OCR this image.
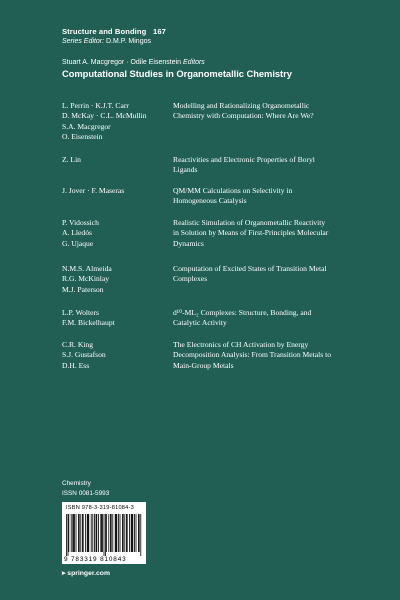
Structure and Bonding 167
Series Editor: D.M.P. Mingos
Stuart A. Macgregor · Odile Eisenstein Editors
Computational Studies in Organometallic Chemistry
L. Perrin · K.J.T. Carr
D. McKay · C.L. McMullin
S.A. Macgregor
O. Eisenstein
Modelling and Rationalizing Organometallic
Chemistry with Computation: Where Are We?
Z. Lin	Reactivities and Electronic Properties of Boryl
Ligands
J. Jover · F. Maseras	QM/MM Calculations on Selectivity in
Homogeneous Catalysis
P. Vidossich
A. Lledós
G. Ujaque
Realistic Simulation of Organometallic Reactivity
in Solution by Means of First-Principles Molecular
Dynamics
N.M.S. Almeida
R.G. McKinlay
M.J. Paterson
Computation of Excited States of Transition Metal
Complexes
L.P. Wolters
F.M. Bickelhaupt
d¹⁰-ML₂ Complexes: Structure, Bonding, and
Catalytic Activity
C.R. King
S.J. Gustafson
D.H. Ess
The Electronics of CH Activation by Energy
Decomposition Analysis: From Transition Metals to
Main-Group Metals
Chemistry
ISSN 0081-5993
ISBN 978-3-319-81084-3
9 783319 810843
▸ springer.com
